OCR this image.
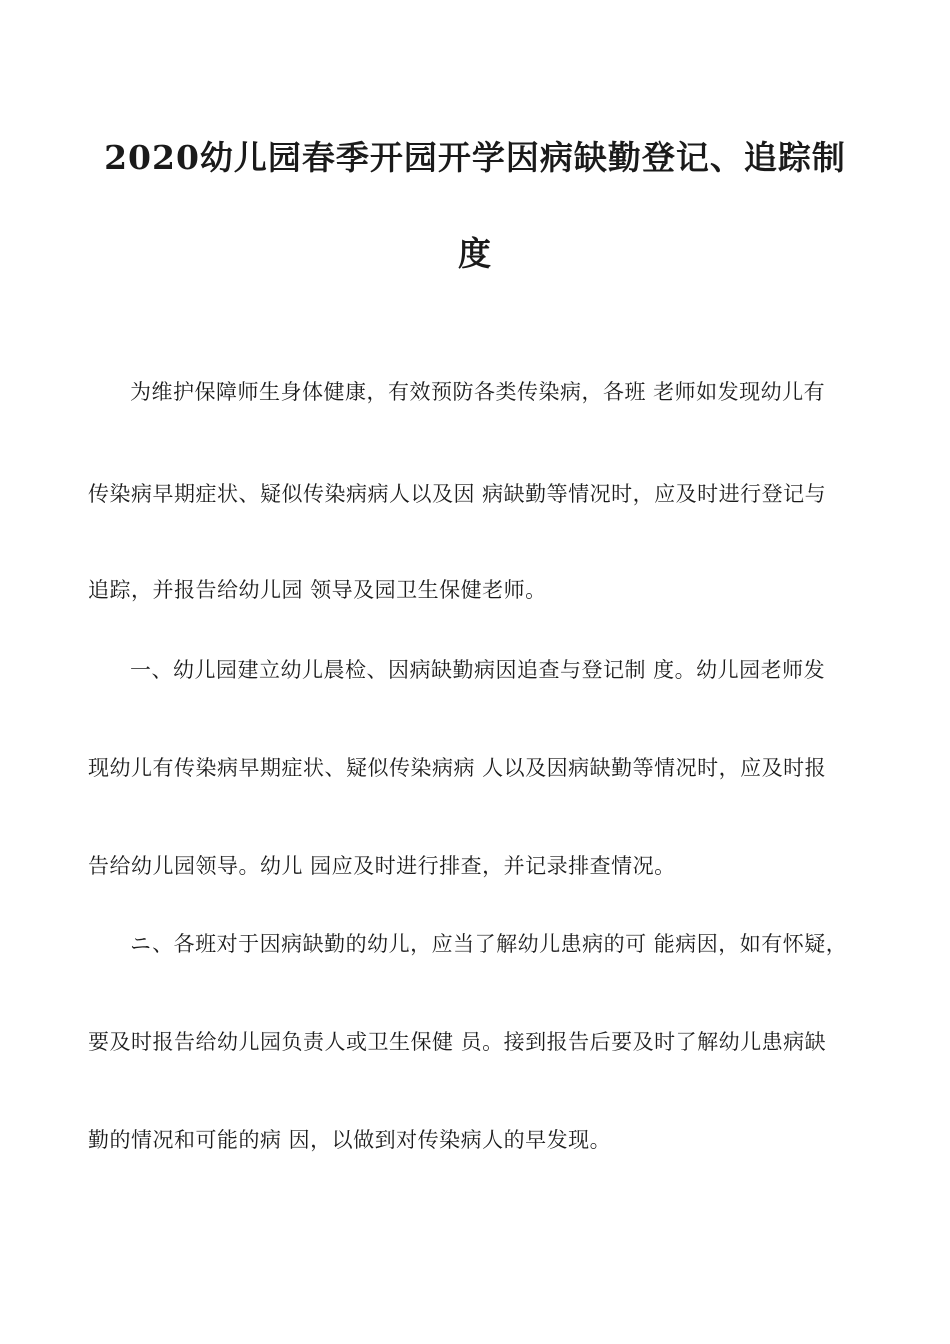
2020幼儿园春季开园开学因病缺勤登记、追踪制
度
为维护保障师生身体健康，有效预防各类传染病，各班 老师如发现幼儿有
传染病早期症状、疑似传染病病人以及因 病缺勤等情况时，应及时进行登记与
追踪，并报告给幼儿园 领导及园卫生保健老师。
一、幼儿园建立幼儿晨检、因病缺勤病因追查与登记制 度。幼儿园老师发
现幼儿有传染病早期症状、疑似传染病病 人以及因病缺勤等情况时，应及时报
告给幼儿园领导。幼儿 园应及时进行排查，并记录排查情况。
ニ、各班对于因病缺勤的幼儿，应当了解幼儿患病的可 能病因，如有怀疑，
要及时报告给幼儿园负责人或卫生保健 员。接到报告后要及时了解幼儿患病缺
勤的情况和可能的病 因，以做到对传染病人的早发现。
